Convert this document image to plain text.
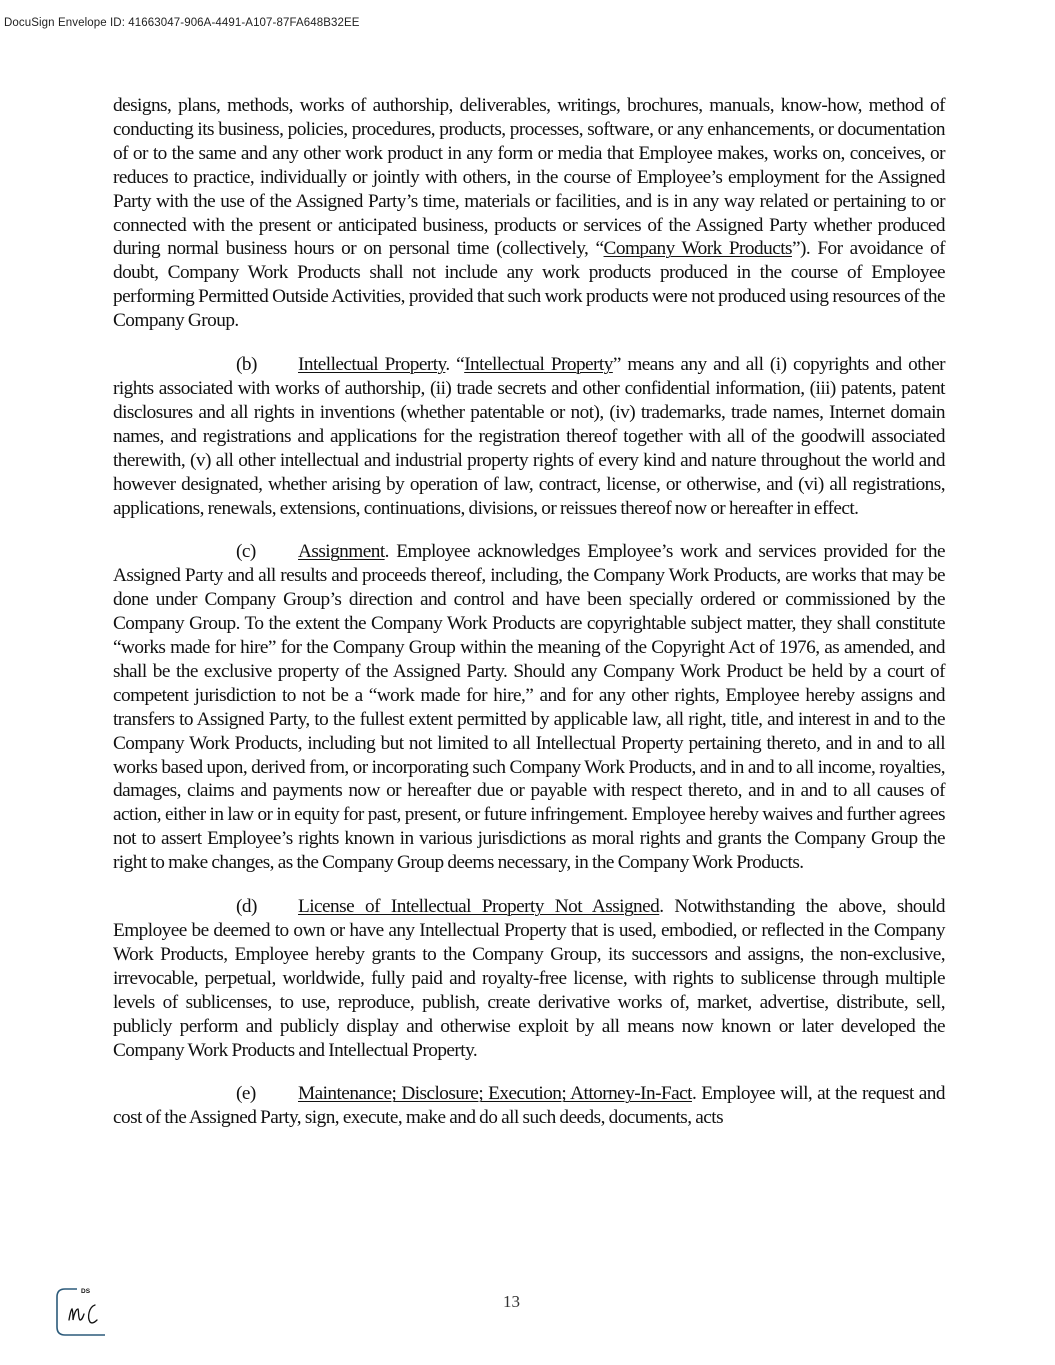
DocuSign Envelope ID: 41663047-906A-4491-A107-87FA648B32EE

designs, plans, methods, works of authorship, deliverables, writings, brochures, manuals, know-how, method of conducting its business, policies, procedures, products, processes, software, or any enhancements, or documentation of or to the same and any other work product in any form or media that Employee makes, works on, conceives, or reduces to practice, individually or jointly with others, in the course of Employee’s employment for the Assigned Party with the use of the Assigned Party’s time, materials or facilities, and is in any way related or pertaining to or connected with the present or anticipated business, products or services of the Assigned Party whether produced during normal business hours or on personal time (collectively, “Company Work Products”). For avoidance of doubt, Company Work Products shall not include any work products produced in the course of Employee performing Permitted Outside Activities, provided that such work products were not produced using resources of the Company Group.

(b) Intellectual Property. “Intellectual Property” means any and all (i) copyrights and other rights associated with works of authorship, (ii) trade secrets and other confidential information, (iii) patents, patent disclosures and all rights in inventions (whether patentable or not), (iv) trademarks, trade names, Internet domain names, and registrations and applications for the registration thereof together with all of the goodwill associated therewith, (v) all other intellectual and industrial property rights of every kind and nature throughout the world and however designated, whether arising by operation of law, contract, license, or otherwise, and (vi) all registrations, applications, renewals, extensions, continuations, divisions, or reissues thereof now or hereafter in effect.

(c) Assignment. Employee acknowledges Employee’s work and services provided for the Assigned Party and all results and proceeds thereof, including, the Company Work Products, are works that may be done under Company Group’s direction and control and have been specially ordered or commissioned by the Company Group. To the extent the Company Work Products are copyrightable subject matter, they shall constitute “works made for hire” for the Company Group within the meaning of the Copyright Act of 1976, as amended, and shall be the exclusive property of the Assigned Party. Should any Company Work Product be held by a court of competent jurisdiction to not be a “work made for hire,” and for any other rights, Employee hereby assigns and transfers to Assigned Party, to the fullest extent permitted by applicable law, all right, title, and interest in and to the Company Work Products, including but not limited to all Intellectual Property pertaining thereto, and in and to all works based upon, derived from, or incorporating such Company Work Products, and in and to all income, royalties, damages, claims and payments now or hereafter due or payable with respect thereto, and in and to all causes of action, either in law or in equity for past, present, or future infringement. Employee hereby waives and further agrees not to assert Employee’s rights known in various jurisdictions as moral rights and grants the Company Group the right to make changes, as the Company Group deems necessary, in the Company Work Products.

(d) License of Intellectual Property Not Assigned. Notwithstanding the above, should Employee be deemed to own or have any Intellectual Property that is used, embodied, or reflected in the Company Work Products, Employee hereby grants to the Company Group, its successors and assigns, the non-exclusive, irrevocable, perpetual, worldwide, fully paid and royalty-free license, with rights to sublicense through multiple levels of sublicenses, to use, reproduce, publish, create derivative works of, market, advertise, distribute, sell, publicly perform and publicly display and otherwise exploit by all means now known or later developed the Company Work Products and Intellectual Property.

(e) Maintenance; Disclosure; Execution; Attorney-In-Fact. Employee will, at the request and cost of the Assigned Party, sign, execute, make and do all such deeds, documents, acts

DS
13
